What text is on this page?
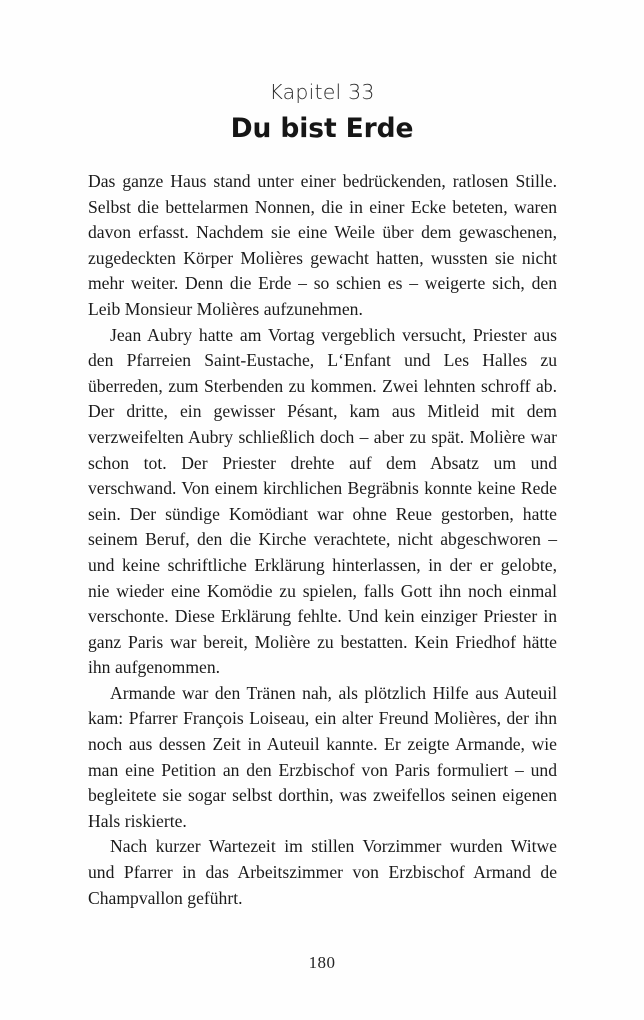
Kapitel 33
Du bist Erde

Das ganze Haus stand unter einer bedrückenden, ratlosen Stille. Selbst die bettelarmen Nonnen, die in einer Ecke beteten, waren davon erfasst. Nachdem sie eine Weile über dem gewaschenen, zugedeckten Körper Molières gewacht hatten, wussten sie nicht mehr weiter. Denn die Erde – so schien es – weigerte sich, den Leib Monsieur Molières aufzunehmen.

Jean Aubry hatte am Vortag vergeblich versucht, Priester aus den Pfarreien Saint-Eustache, L‘Enfant und Les Halles zu überreden, zum Sterbenden zu kommen. Zwei lehnten schroff ab. Der dritte, ein gewisser Pésant, kam aus Mitleid mit dem verzweifelten Aubry schließlich doch – aber zu spät. Molière war schon tot. Der Priester drehte auf dem Absatz um und verschwand. Von einem kirchlichen Begräbnis konnte keine Rede sein. Der sündige Komödiant war ohne Reue gestorben, hatte seinem Beruf, den die Kirche verachtete, nicht abgeschworen – und keine schriftliche Erklärung hinterlassen, in der er gelobte, nie wieder eine Komödie zu spielen, falls Gott ihn noch einmal verschonte. Diese Erklärung fehlte. Und kein einziger Priester in ganz Paris war bereit, Molière zu bestatten. Kein Friedhof hätte ihn aufgenommen.

Armande war den Tränen nah, als plötzlich Hilfe aus Auteuil kam: Pfarrer François Loiseau, ein alter Freund Molières, der ihn noch aus dessen Zeit in Auteuil kannte. Er zeigte Armande, wie man eine Petition an den Erzbischof von Paris formuliert – und begleitete sie sogar selbst dorthin, was zweifellos seinen eigenen Hals riskierte.

Nach kurzer Wartezeit im stillen Vorzimmer wurden Witwe und Pfarrer in das Arbeitszimmer von Erzbischof Armand de Champvallon geführt.

180
